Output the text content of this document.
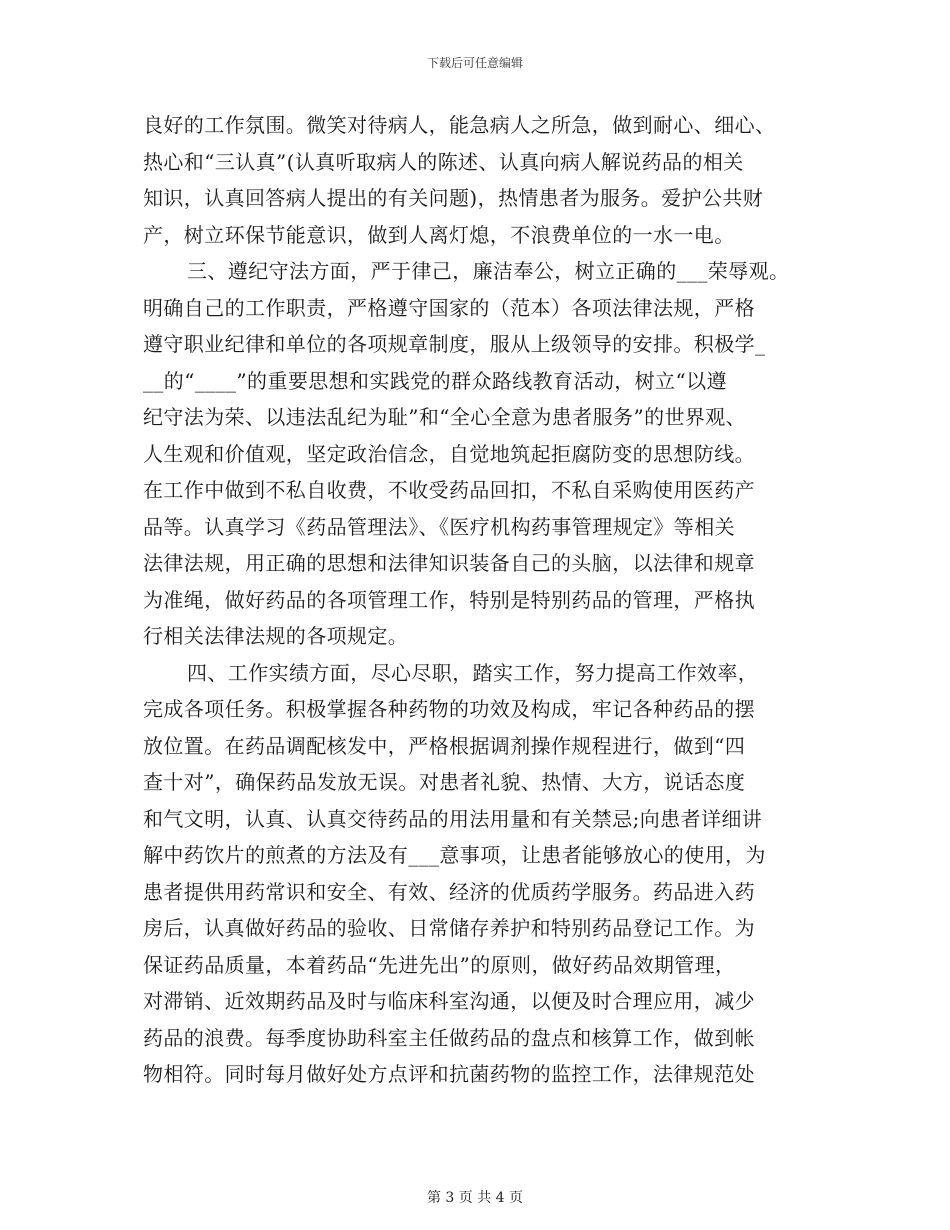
下载后可任意编辑
良好的工作氛围。微笑对待病人，能急病人之所急，做到耐心、细心、
热心和“三认真”(认真听取病人的陈述、认真向病人解说药品的相关
知识，认真回答病人提出的有关问题)，热情患者为服务。爱护公共财
产，树立环保节能意识，做到人离灯熄，不浪费单位的一水一电。
三、遵纪守法方面，严于律己，廉洁奉公，树立正确的___荣辱观。
明确自己的工作职责，严格遵守国家的（范本）各项法律法规，严格
遵守职业纪律和单位的各项规章制度，服从上级领导的安排。积极学_
__的“____”的重要思想和实践党的群众路线教育活动，树立“以遵
纪守法为荣、以违法乱纪为耻”和“全心全意为患者服务”的世界观、
人生观和价值观，坚定政治信念，自觉地筑起拒腐防变的思想防线。
在工作中做到不私自收费，不收受药品回扣，不私自采购使用医药产
品等。认真学习《药品管理法》、《医疗机构药事管理规定》等相关
法律法规，用正确的思想和法律知识装备自己的头脑，以法律和规章
为准绳，做好药品的各项管理工作，特别是特别药品的管理，严格执
行相关法律法规的各项规定。
四、工作实绩方面，尽心尽职，踏实工作，努力提高工作效率，
完成各项任务。积极掌握各种药物的功效及构成，牢记各种药品的摆
放位置。在药品调配核发中，严格根据调剂操作规程进行，做到“四
查十对”，确保药品发放无误。对患者礼貌、热情、大方，说话态度
和气文明，认真、认真交待药品的用法用量和有关禁忌;向患者详细讲
解中药饮片的煎煮的方法及有___意事项，让患者能够放心的使用，为
患者提供用药常识和安全、有效、经济的优质药学服务。药品进入药
房后，认真做好药品的验收、日常储存养护和特别药品登记工作。为
保证药品质量，本着药品“先进先出”的原则，做好药品效期管理，
对滞销、近效期药品及时与临床科室沟通，以便及时合理应用，减少
药品的浪费。每季度协助科室主任做药品的盘点和核算工作，做到帐
物相符。同时每月做好处方点评和抗菌药物的监控工作，法律规范处
第 3 页 共 4 页
